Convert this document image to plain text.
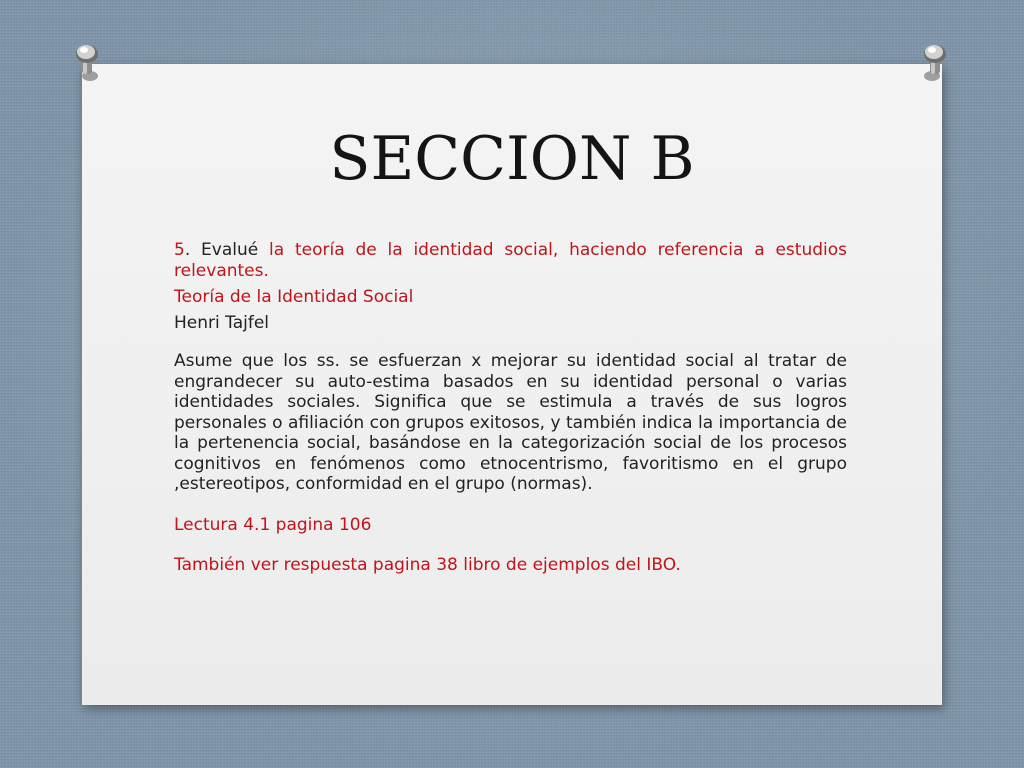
SECCION B

5. Evalué la teoría de la identidad social, haciendo referencia a estudios relevantes.

Teoría de la Identidad Social

Henri Tajfel

Asume que los ss. se esfuerzan x mejorar su identidad social al tratar de engrandecer su auto-estima basados en su identidad personal o varias identidades sociales. Significa que se estimula a través de sus logros personales o afiliación con grupos exitosos, y también indica la importancia de la pertenencia social, basándose en la categorización social de los procesos cognitivos en fenómenos como etnocentrismo, favoritismo en el grupo ,estereotipos, conformidad en el grupo (normas).

Lectura 4.1 pagina 106

También ver respuesta pagina 38 libro de ejemplos del IBO.
